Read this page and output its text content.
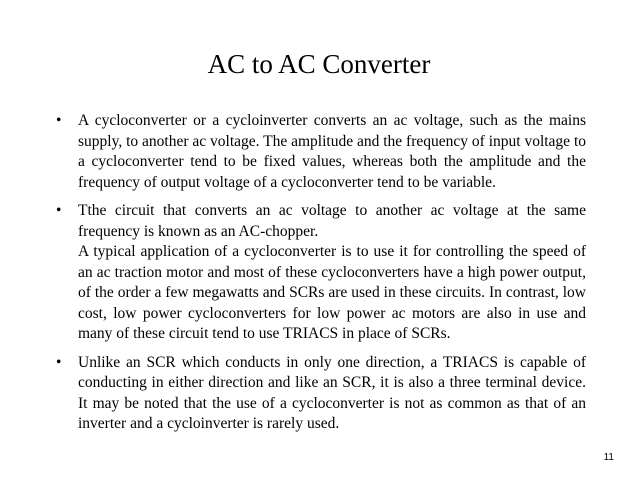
AC to AC Converter
•	A cycloconverter or a cycloinverter converts an ac voltage, such as the mains supply, to another ac voltage. The amplitude and the frequency of input voltage to a cycloconverter tend to be fixed values, whereas both the amplitude and the frequency of output voltage of a cycloconverter tend to be variable.
•	Tthe circuit that converts an ac voltage to another ac voltage at the same frequency is known as an AC-chopper.
A typical application of a cycloconverter is to use it for controlling the speed of an ac traction motor and most of these cycloconverters have a high power output, of the order a few megawatts and SCRs are used in these circuits. In contrast, low cost, low power cycloconverters for low power ac motors are also in use and many of these circuit tend to use TRIACS in place of SCRs.
•	Unlike an SCR which conducts in only one direction, a TRIACS is capable of conducting in either direction and like an SCR, it is also a three terminal device. It may be noted that the use of a cycloconverter is not as common as that of an inverter and a cycloinverter is rarely used.
11
